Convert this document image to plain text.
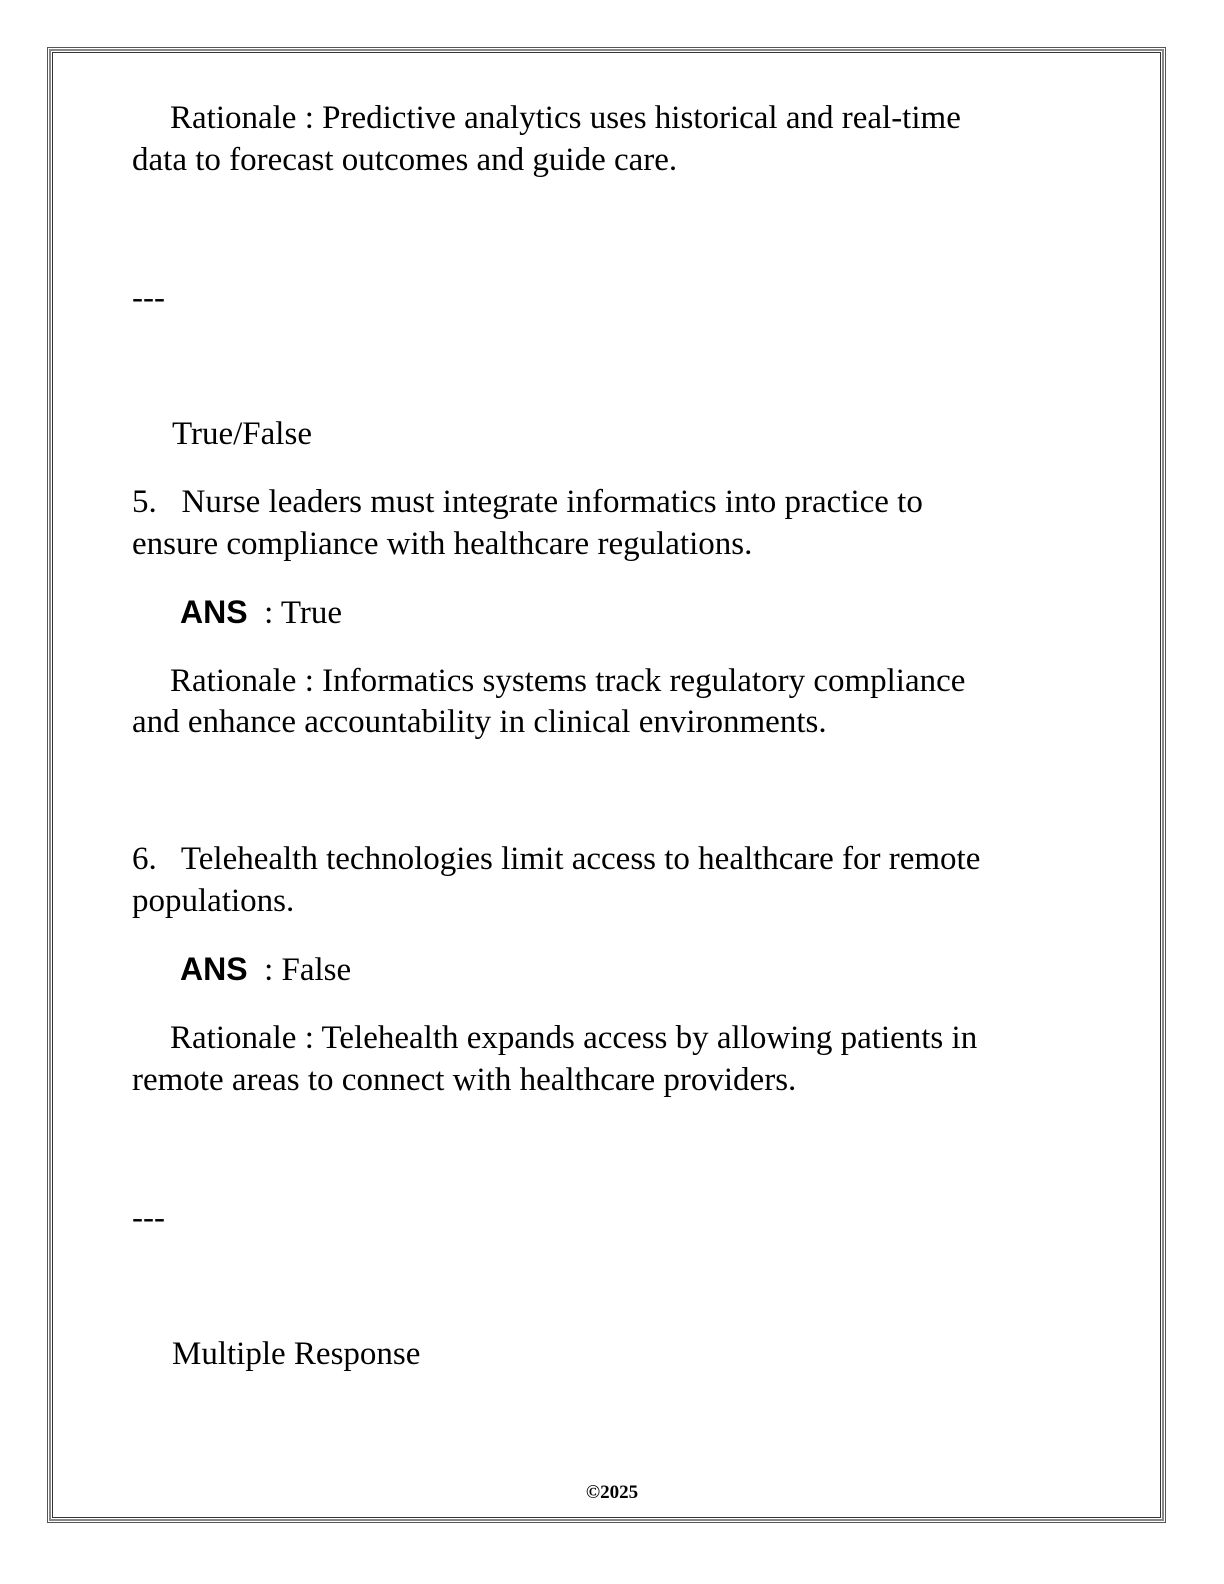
Rationale : Predictive analytics uses historical and real-time

data to forecast outcomes and guide care.

---

True/False

5. Nurse leaders must integrate informatics into practice to

ensure compliance with healthcare regulations.

ANS : True

Rationale : Informatics systems track regulatory compliance

and enhance accountability in clinical environments.

6. Telehealth technologies limit access to healthcare for remote

populations.

ANS : False

Rationale : Telehealth expands access by allowing patients in

remote areas to connect with healthcare providers.

---

Multiple Response

©2025
